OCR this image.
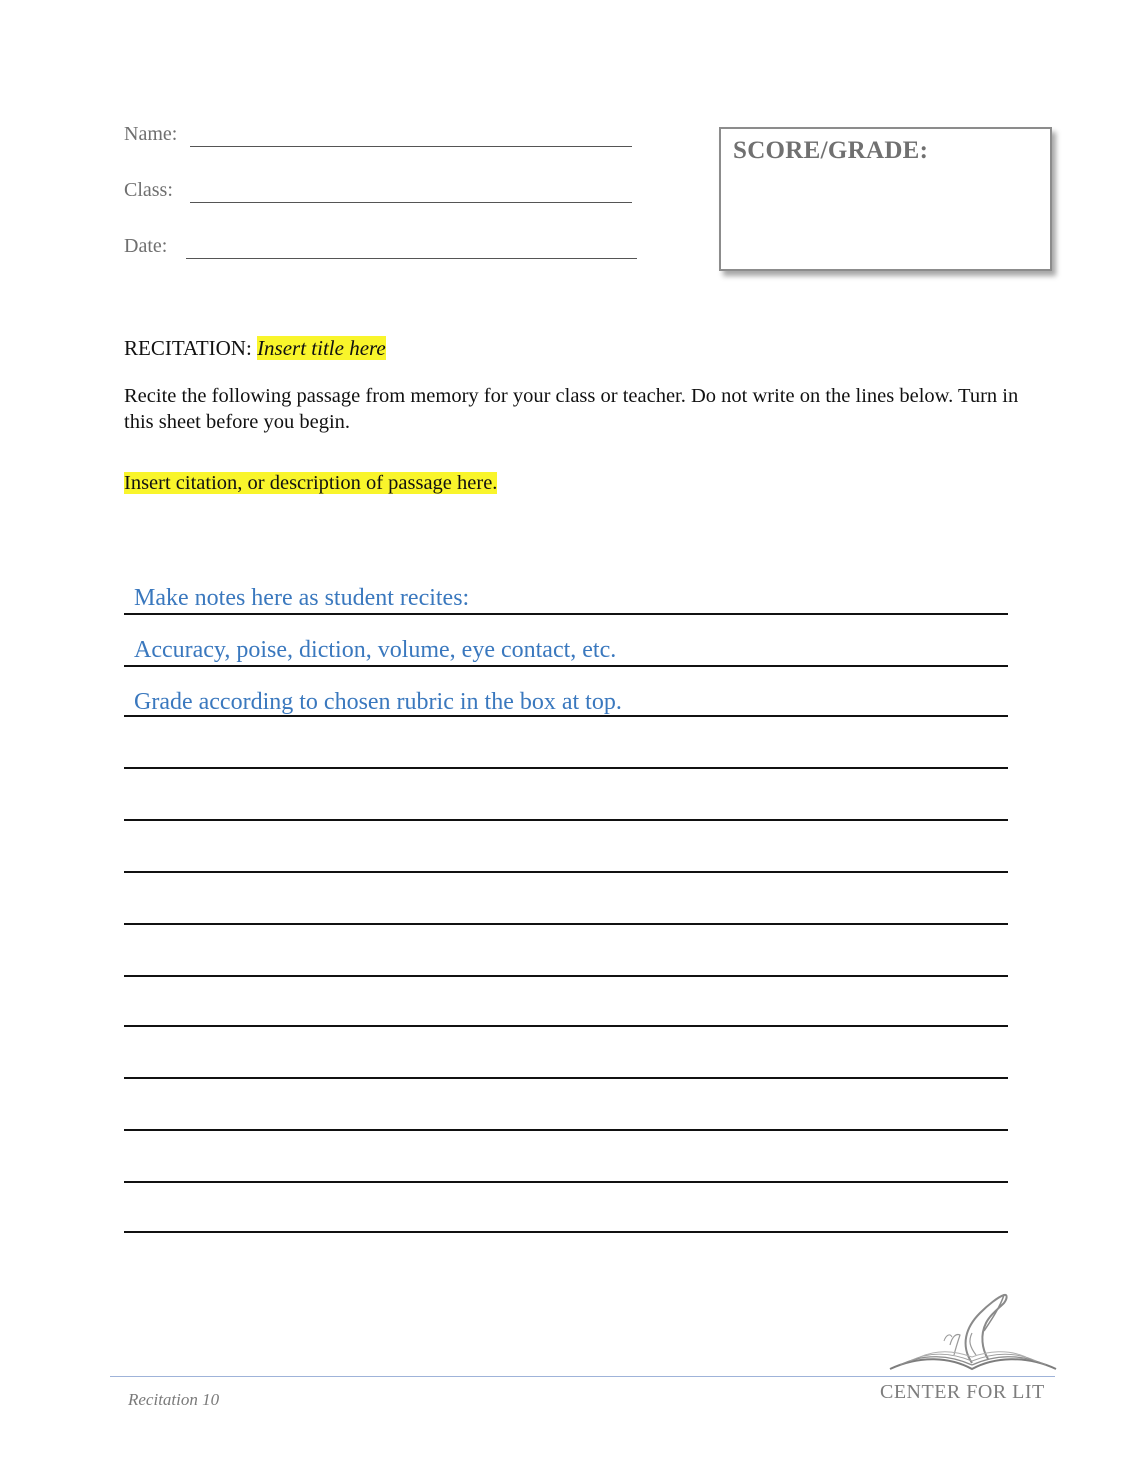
Name:
Class:
Date:
SCORE/GRADE:
RECITATION: Insert title here
Recite the following passage from memory for your class or teacher. Do not write on the lines below. Turn in this sheet before you begin.
Insert citation, or description of passage here.
Make notes here as student recites:
Accuracy, poise, diction, volume, eye contact, etc.
Grade according to chosen rubric in the box at top.
Recitation 10	CENTER FOR LIT
